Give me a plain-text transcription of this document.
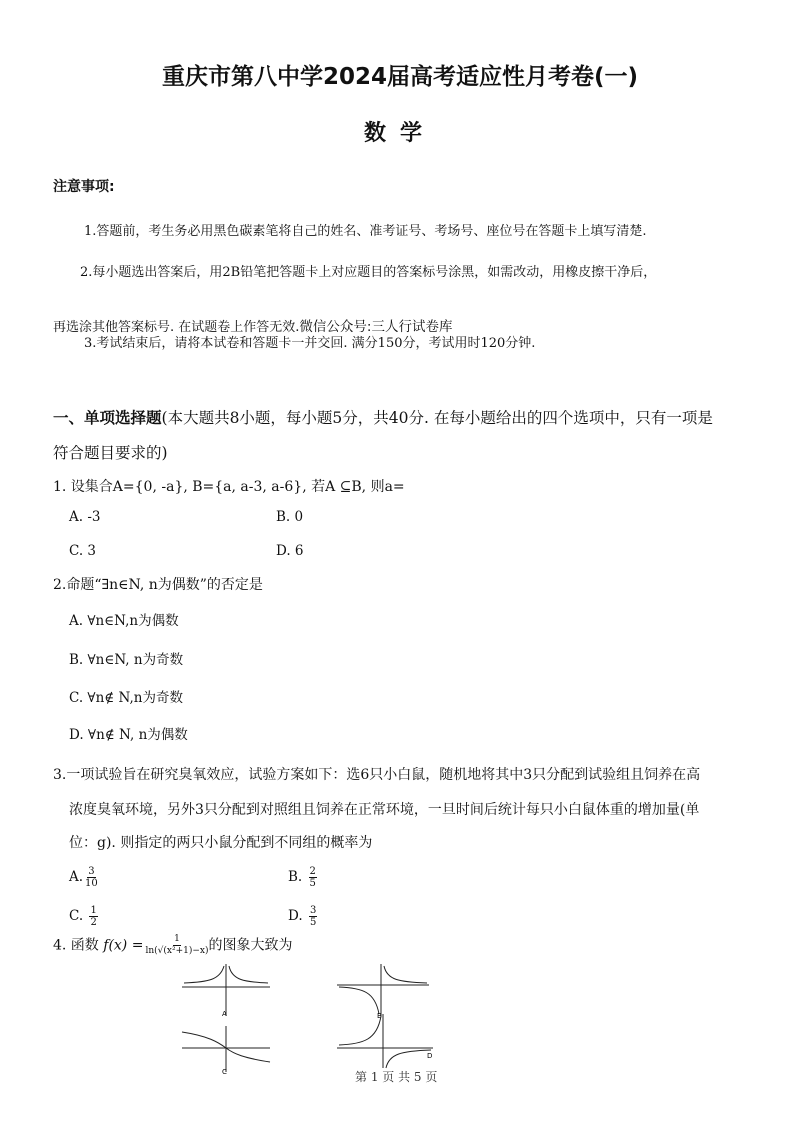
重庆市第八中学2024届高考适应性月考卷(一)
数学
注意事项:
1.答题前，考生务必用黑色碳素笔将自己的姓名、准考证号、考场号、座位号在答题卡上填写清楚.
2.每小题选出答案后，用2B铅笔把答题卡上对应题目的答案标号涂黑，如需改动，用橡皮擦干净后，
再选涂其他答案标号. 在试题卷上作答无效.微信公众号:三人行试卷库
3.考试结束后，请将本试卷和答题卡一并交回. 满分150分，考试用时120分钟.
一、单项选择题(本大题共8小题，每小题5分，共40分. 在每小题给出的四个选项中，只有一项是
符合题目要求的)
1. 设集合A={0, -a}, B={a, a-3, a-6}, 若A ⊆B, 则a=
A. -3	B. 0
C. 3	D. 6
2.命题“∃n∈N, n为偶数”的否定是
A. ∀n∈N,n为偶数
B. ∀n∈N, n为奇数
C. ∀n∉ N,n为奇数
D. ∀n∉ N, n为偶数
3.一项试验旨在研究臭氧效应，试验方案如下：选6只小白鼠，随机地将其中3只分配到试验组且饲养在高
浓度臭氧环境，另外3只分配到对照组且饲养在正常环境，一旦时间后统计每只小白鼠体重的增加量(单
位：g). 则指定的两只小鼠分配到不同组的概率为
A. $\frac{3}{10}$	B. $\frac{2}{5}$
C. $\frac{1}{2}$	D. $\frac{3}{5}$
4. 函数 $f(x) = \frac{1}{\text{ln(√(x²+1)−x)}}$ 的图象大致为
A	B
C
D
第 1 页 共 5 页
